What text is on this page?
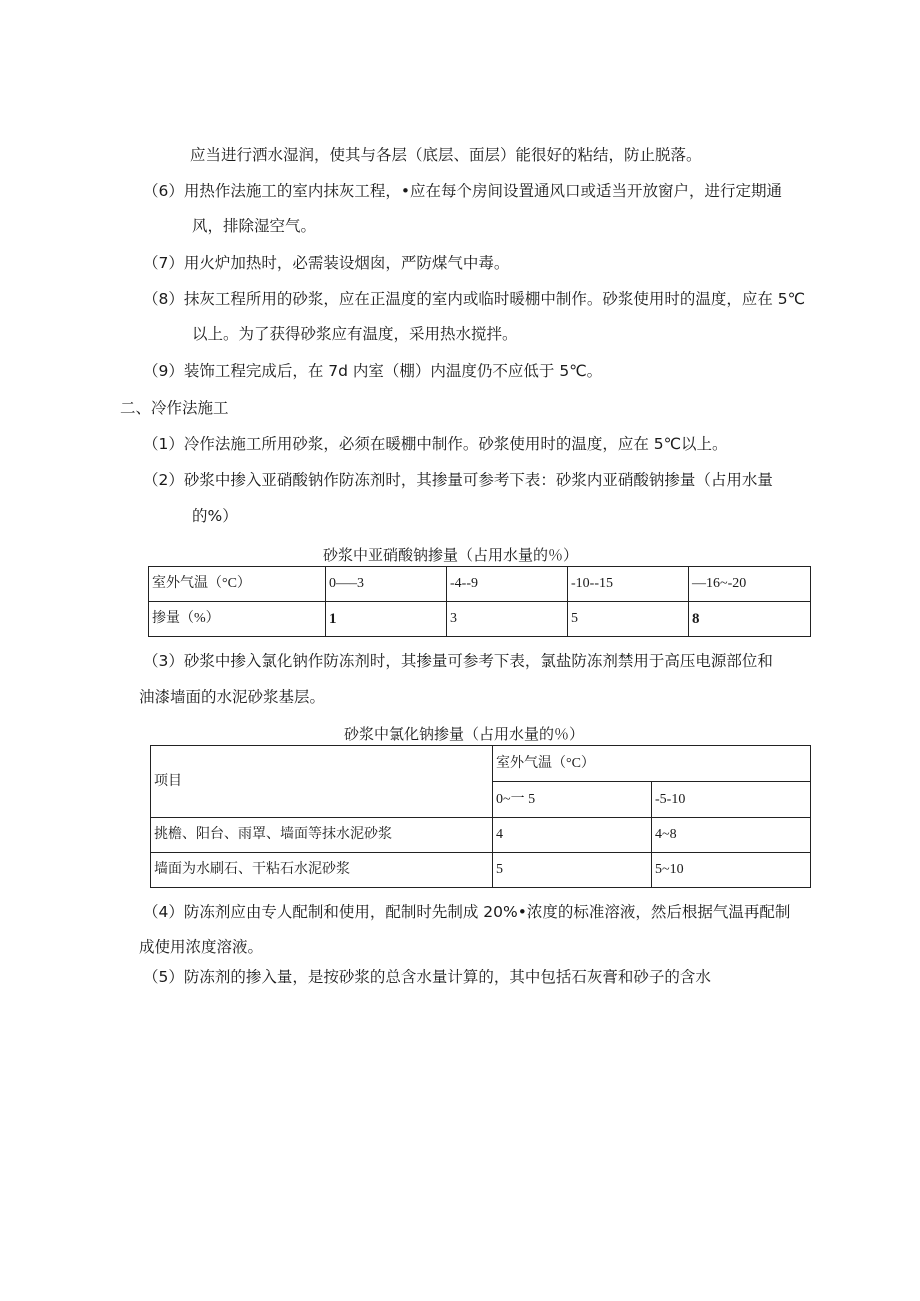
应当进行洒水湿润，使其与各层（底层、面层）能很好的粘结，防止脱落。
（6）用热作法施工的室内抹灰工程，•应在每个房间设置通风口或适当开放窗户，进行定期通
风，排除湿空气。
（7）用火炉加热时，必需装设烟囱，严防煤气中毒。
（8）抹灰工程所用的砂浆，应在正温度的室内或临时暖棚中制作。砂浆使用时的温度，应在 5℃
以上。为了获得砂浆应有温度，采用热水搅拌。
（9）装饰工程完成后，在 7d 内室（棚）内温度仍不应低于 5℃。
二、冷作法施工
（1）冷作法施工所用砂浆，必须在暖棚中制作。砂浆使用时的温度，应在 5℃以上。
（2）砂浆中掺入亚硝酸钠作防冻剂时，其掺量可参考下表：砂浆内亚硝酸钠掺量（占用水量
的%）
砂浆中亚硝酸钠掺量（占用水量的％）
室外气温（°C）	0—–3	-4--9	-10--15	—16~-20
掺量（%）	1	3	5	8
（3）砂浆中掺入氯化钠作防冻剂时，其掺量可参考下表，氯盐防冻剂禁用于高压电源部位和
油漆墙面的水泥砂浆基层。
砂浆中氯化钠掺量（占用水量的％）
项目	室外气温（°C）	
	0~一 5	-5-10
挑檐、阳台、雨罩、墙面等抹水泥砂浆	4	4~8
墙面为水刷石、干粘石水泥砂浆	5	5~10
（4）防冻剂应由专人配制和使用，配制时先制成 20%•浓度的标准溶液，然后根据气温再配制
成使用浓度溶液。
（5）防冻剂的掺入量，是按砂浆的总含水量计算的，其中包括石灰膏和砂子的含水
